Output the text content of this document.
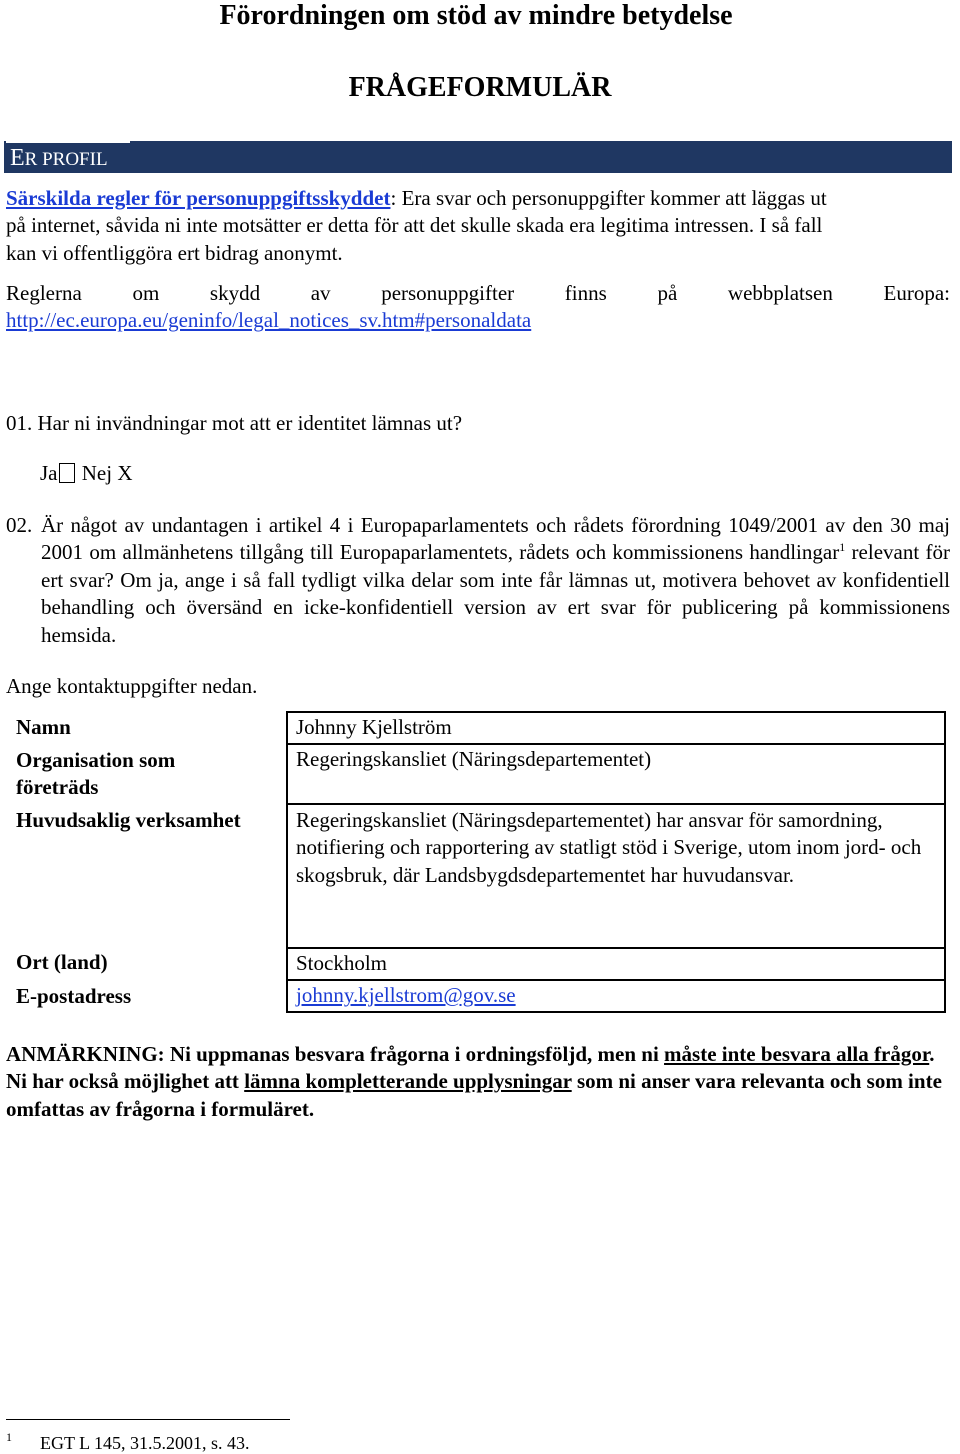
Förordningen om stöd av mindre betydelse
FRÅGEFORMULÄR
ER PROFIL
Särskilda regler för personuppgiftsskyddet: Era svar och personuppgifter kommer att läggas ut
på internet, såvida ni inte motsätter er detta för att det skulle skada era legitima intressen. I så fall
kan vi offentliggöra ert bidrag anonymt.
Reglerna om skydd av personuppgifter finns på webbplatsen Europa:
http://ec.europa.eu/geninfo/legal_notices_sv.htm#personaldata
01. Har ni invändningar mot att er identitet lämnas ut?
Ja Nej X
02. Är något av undantagen i artikel 4 i Europaparlamentets och rådets förordning 1049/2001 av den 30 maj 2001 om allmänhetens tillgång till Europaparlamentets, rådets och kommissionens handlingar$^1$ relevant för ert svar? Om ja, ange i så fall tydligt vilka delar som inte får lämnas ut, motivera behovet av konfidentiell behandling och översänd en icke-konfidentiell version av ert svar för publicering på kommissionens hemsida.
Ange kontaktuppgifter nedan.
Namn
Organisation som
företräds
Huvudsaklig verksamhet
Ort (land)
E-postadress
Johnny Kjellström
Regeringskansliet (Näringsdepartementet)
Regeringskansliet (Näringsdepartementet) har ansvar för samordning, notifiering och rapportering av statligt stöd i Sverige, utom inom jord- och skogsbruk, där Landsbygdsdepartementet har huvudansvar.
Stockholm
johnny.kjellstrom@gov.se
ANMÄRKNING: Ni uppmanas besvara frågorna i ordningsföljd, men ni måste inte besvara alla frågor. Ni har också möjlighet att lämna kompletterande upplysningar som ni anser vara relevanta och som inte omfattas av frågorna i formuläret.
1 EGT L 145, 31.5.2001, s. 43.
